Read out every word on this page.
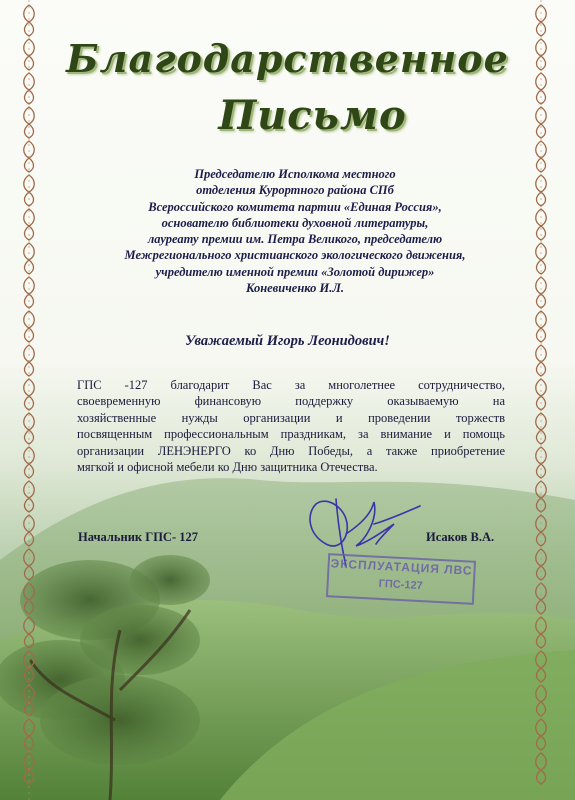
Благодарственное
Письмо
Председателю Исполкома местного
отделения Курортного района СПб
Всероссийского комитета партии «Единая Россия»,
основателю библиотеки духовной литературы,
лауреату премии им. Петра Великого, председателю
Межрегионального христианского экологического движения,
учредителю именной премии «Золотой дирижер»
Коневиченко И.Л.
Уважаемый Игорь Леонидович!
ГПС -127 благодарит Вас за многолетнее сотрудничество,
своевременную финансовую поддержку оказываемую на
хозяйственные нужды организации и проведении торжеств
посвященным профессиональным праздникам, за внимание и помощь
организации ЛЕНЭНЕРГО ко Дню Победы, а также приобретение
мягкой и офисной мебели ко Дню защитника Отечества.
ЭКСПЛУАТАЦИЯ ЛВС
ГПС-127
Начальник ГПС- 127	Исаков В.А.
